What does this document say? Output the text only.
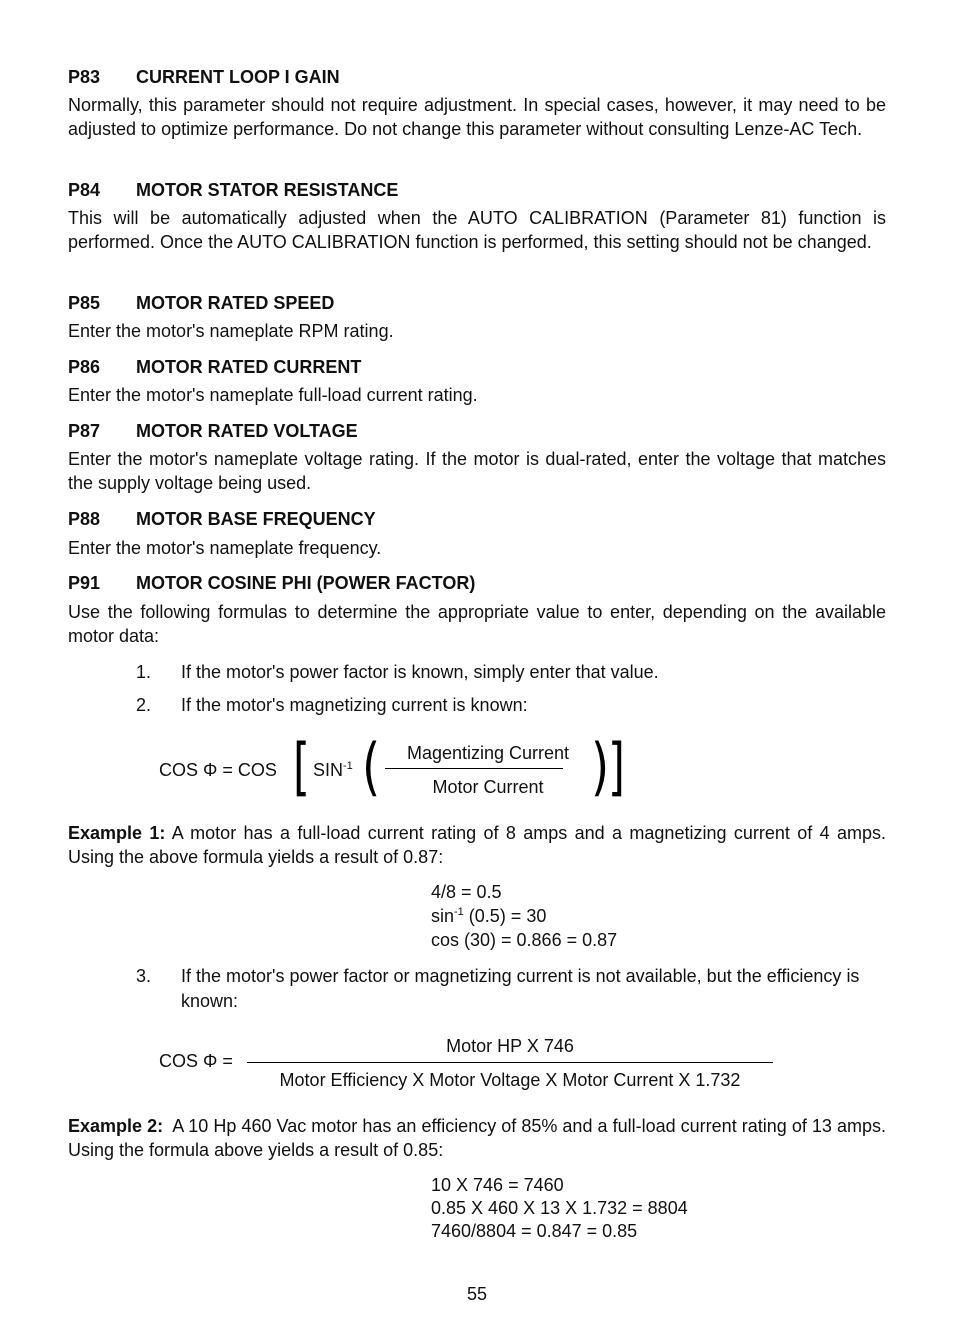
P83 CURRENT LOOP I GAIN
Normally, this parameter should not require adjustment. In special cases, however, it may need to be adjusted to optimize performance. Do not change this parameter without consulting Lenze-AC Tech.
P84 MOTOR STATOR RESISTANCE
This will be automatically adjusted when the AUTO CALIBRATION (Parameter 81) function is performed. Once the AUTO CALIBRATION function is performed, this setting should not be changed.
P85 MOTOR RATED SPEED
Enter the motor's nameplate RPM rating.
P86 MOTOR RATED CURRENT
Enter the motor's nameplate full-load current rating.
P87 MOTOR RATED VOLTAGE
Enter the motor's nameplate voltage rating. If the motor is dual-rated, enter the voltage that matches the supply voltage being used.
P88 MOTOR BASE FREQUENCY
Enter the motor's nameplate frequency.
P91 MOTOR COSINE PHI (POWER FACTOR)
Use the following formulas to determine the appropriate value to enter, depending on the available motor data:
1. If the motor's power factor is known, simply enter that value.
2. If the motor's magnetizing current is known:
COS Φ = COS [ $SIN^{-1}$ (	Magentizing Current
Motor Current )
]
Example 1: A motor has a full-load current rating of 8 amps and a magnetizing current of 4 amps. Using the above formula yields a result of 0.87:
4/8 = 0.5
$\sin^{-1} (0.5) = 30$
cos (30) = 0.866 = 0.87
3. If the motor's power factor or magnetizing current is not available, but the efficiency is known:
COS Φ =
Motor HP X 746
Motor Efficiency X Motor Voltage X Motor Current X 1.732
Example 2:  A 10 Hp 460 Vac motor has an efficiency of 85% and a full-load current rating of 13 amps. Using the formula above yields a result of 0.85:
10 X 746 = 7460
0.85 X 460 X 13 X 1.732 = 8804
7460/8804 = 0.847 = 0.85
55
